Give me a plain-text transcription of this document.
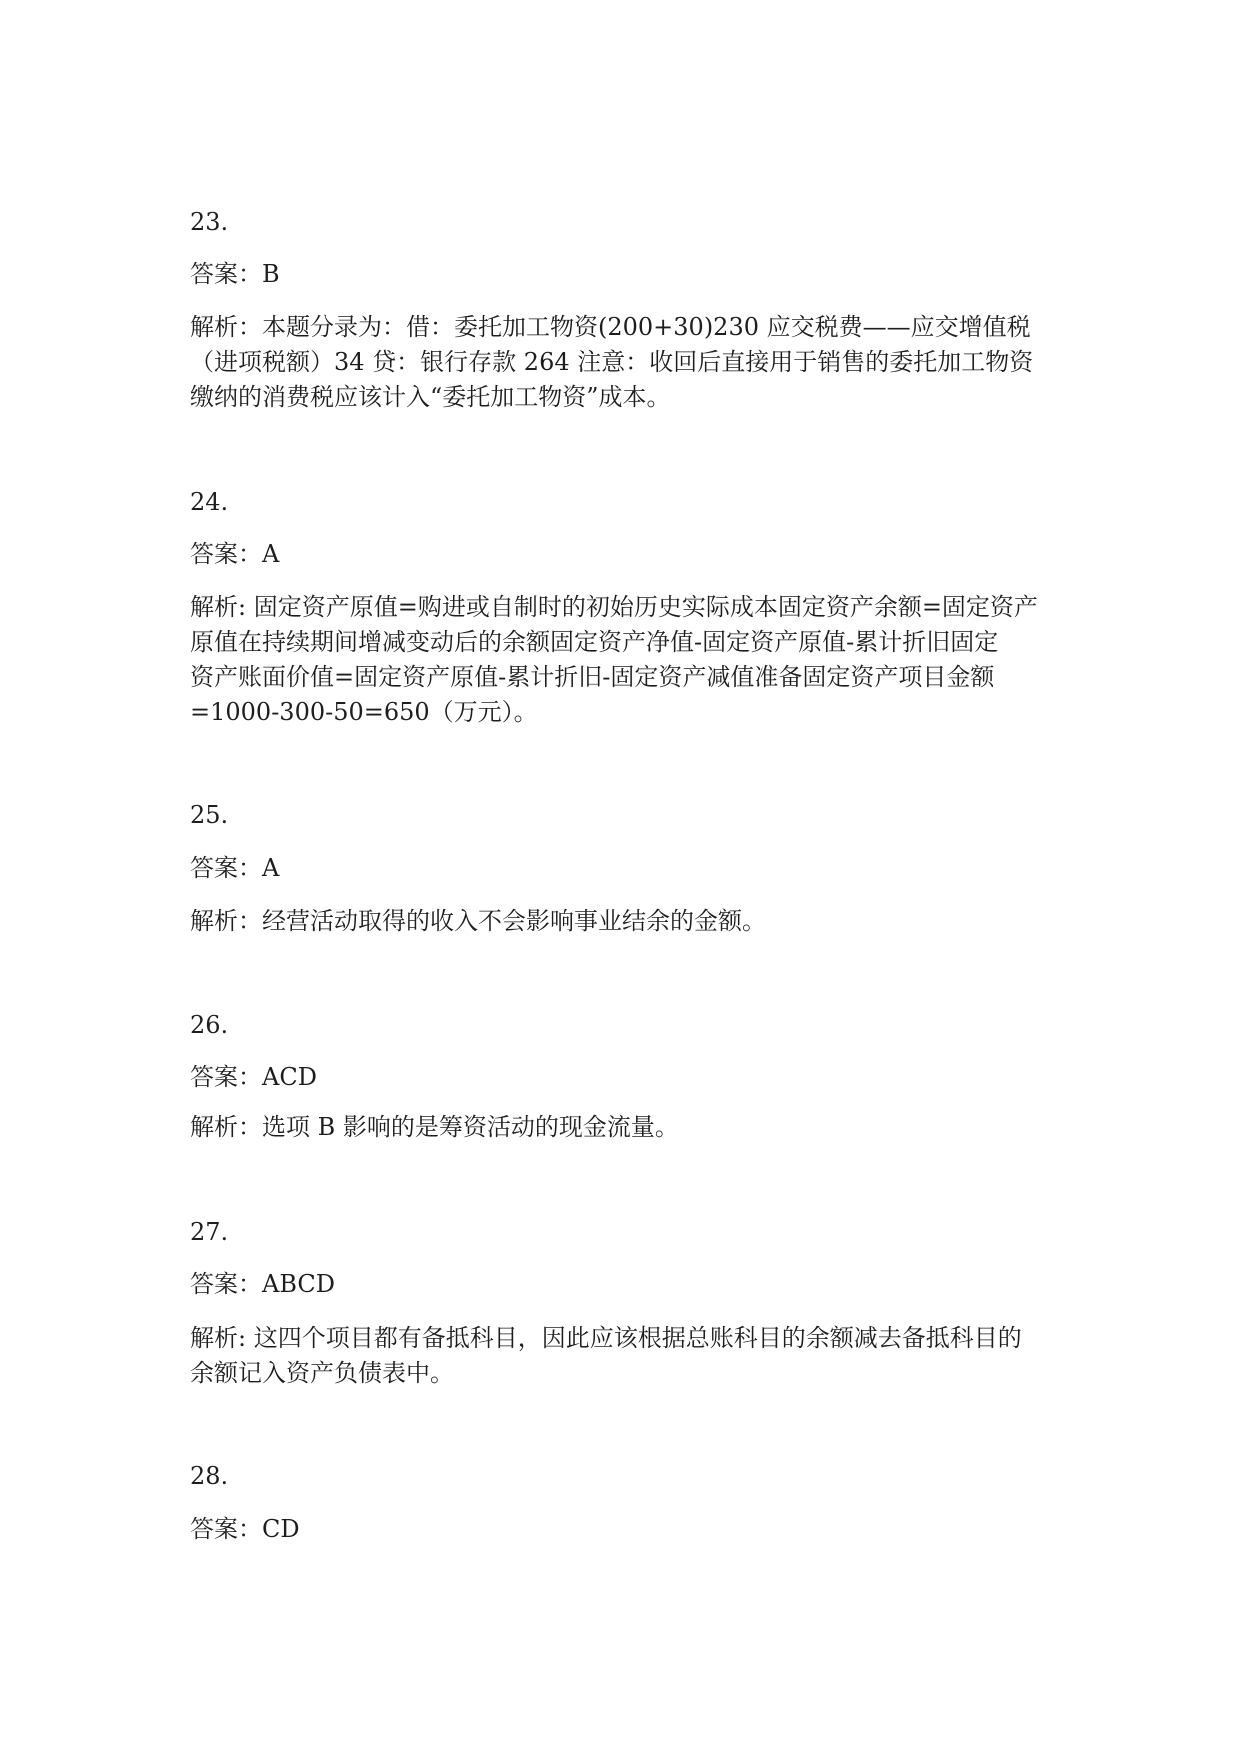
23.

答案：B

解析：本题分录为：借：委托加工物资(200+30)230 应交税费——应交增值税
（进项税额）34 贷：银行存款 264 注意：收回后直接用于销售的委托加工物资
缴纳的消费税应该计入“委托加工物资”成本。

24.

答案：A

解析: 固定资产原值=购进或自制时的初始历史实际成本固定资产余额=固定资产
原值在持续期间增减变动后的余额固定资产净值-固定资产原值-累计折旧固定
资产账面价值=固定资产原值-累计折旧-固定资产减值准备固定资产项目金额
=1000-300-50=650（万元）。

25.

答案：A

解析：经营活动取得的收入不会影响事业结余的金额。

26.

答案：ACD

解析：选项 B 影响的是筹资活动的现金流量。

27.

答案：ABCD

解析: 这四个项目都有备抵科目，因此应该根据总账科目的余额减去备抵科目的
余额记入资产负债表中。

28.

答案：CD
